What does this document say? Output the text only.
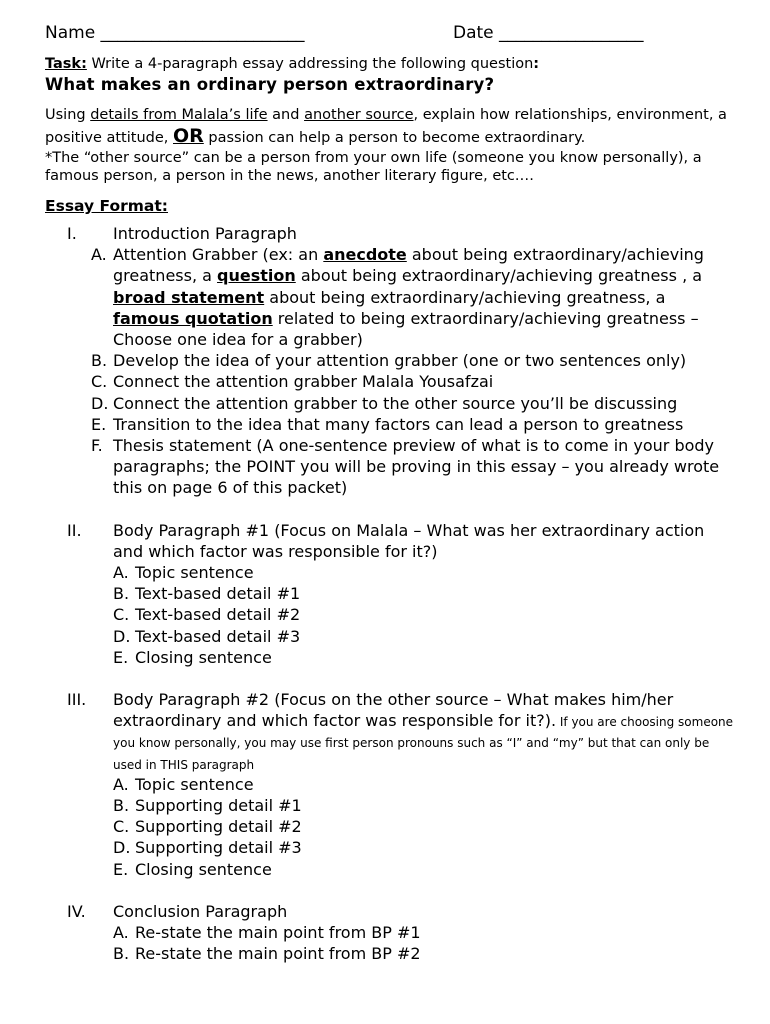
Name ________________________	Date _________________
Task: Write a 4-paragraph essay addressing the following question:
What makes an ordinary person extraordinary?
Using details from Malala’s life and another source, explain how relationships, environment, a positive attitude, OR passion can help a person to become extraordinary.
*The “other source” can be a person from your own life (someone you know personally), a famous person, a person in the news, another literary figure, etc.…
Essay Format:
I. Introduction Paragraph
A. Attention Grabber (ex: an anecdote about being extraordinary/achieving greatness, a question about being extraordinary/achieving greatness , a broad statement about being extraordinary/achieving greatness, a famous quotation related to being extraordinary/achieving greatness – Choose one idea for a grabber)
B. Develop the idea of your attention grabber (one or two sentences only)
C. Connect the attention grabber Malala Yousafzai
D. Connect the attention grabber to the other source you’ll be discussing
E. Transition to the idea that many factors can lead a person to greatness
F. Thesis statement (A one-sentence preview of what is to come in your body paragraphs; the POINT you will be proving in this essay – you already wrote this on page 6 of this packet)
II. Body Paragraph #1 (Focus on Malala – What was her extraordinary action and which factor was responsible for it?)
A. Topic sentence
B. Text-based detail #1
C. Text-based detail #2
D. Text-based detail #3
E. Closing sentence
III. Body Paragraph #2 (Focus on the other source – What makes him/her extraordinary and which factor was responsible for it?). If you are choosing someone you know personally, you may use first person pronouns such as “I” and “my” but that can only be used in THIS paragraph
A. Topic sentence
B. Supporting detail #1
C. Supporting detail #2
D. Supporting detail #3
E. Closing sentence
IV. Conclusion Paragraph
A. Re-state the main point from BP #1
B. Re-state the main point from BP #2
